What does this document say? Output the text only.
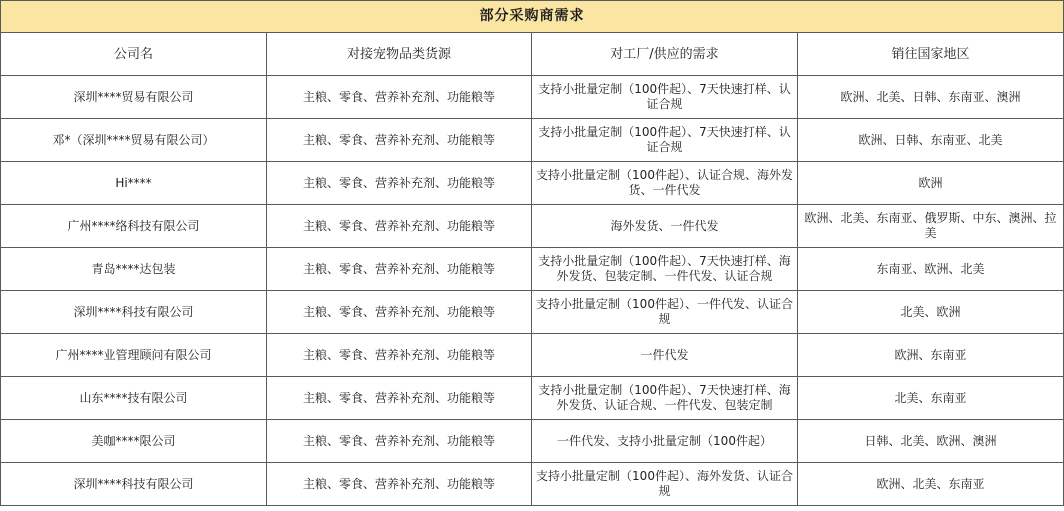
部分采购商需求			
公司名	对接宠物品类货源	对工厂/供应的需求	销往国家地区
深圳****贸易有限公司	主粮、零食、营养补充剂、功能粮等	支持小批量定制（100件起）、7天快速打样、认证合规	欧洲、北美、日韩、东南亚、澳洲
邓*（深圳****贸易有限公司）	主粮、零食、营养补充剂、功能粮等	支持小批量定制（100件起）、7天快速打样、认证合规	欧洲、日韩、东南亚、北美
Hi****	主粮、零食、营养补充剂、功能粮等	支持小批量定制（100件起）、认证合规、海外发货、一件代发	欧洲
广州****络科技有限公司	主粮、零食、营养补充剂、功能粮等	海外发货、一件代发	欧洲、北美、东南亚、俄罗斯、中东、澳洲、拉美
青岛****达包装	主粮、零食、营养补充剂、功能粮等	支持小批量定制（100件起）、7天快速打样、海外发货、包装定制、一件代发、认证合规	东南亚、欧洲、北美
深圳****科技有限公司	主粮、零食、营养补充剂、功能粮等	支持小批量定制（100件起）、一件代发、认证合规	北美、欧洲
广州****业管理顾问有限公司	主粮、零食、营养补充剂、功能粮等	一件代发	欧洲、东南亚
山东****技有限公司	主粮、零食、营养补充剂、功能粮等	支持小批量定制（100件起）、7天快速打样、海外发货、认证合规、一件代发、包装定制	北美、东南亚
美咖****限公司	主粮、零食、营养补充剂、功能粮等	一件代发、支持小批量定制（100件起）	日韩、北美、欧洲、澳洲
深圳****科技有限公司	主粮、零食、营养补充剂、功能粮等	支持小批量定制（100件起）、海外发货、认证合规	欧洲、北美、东南亚
